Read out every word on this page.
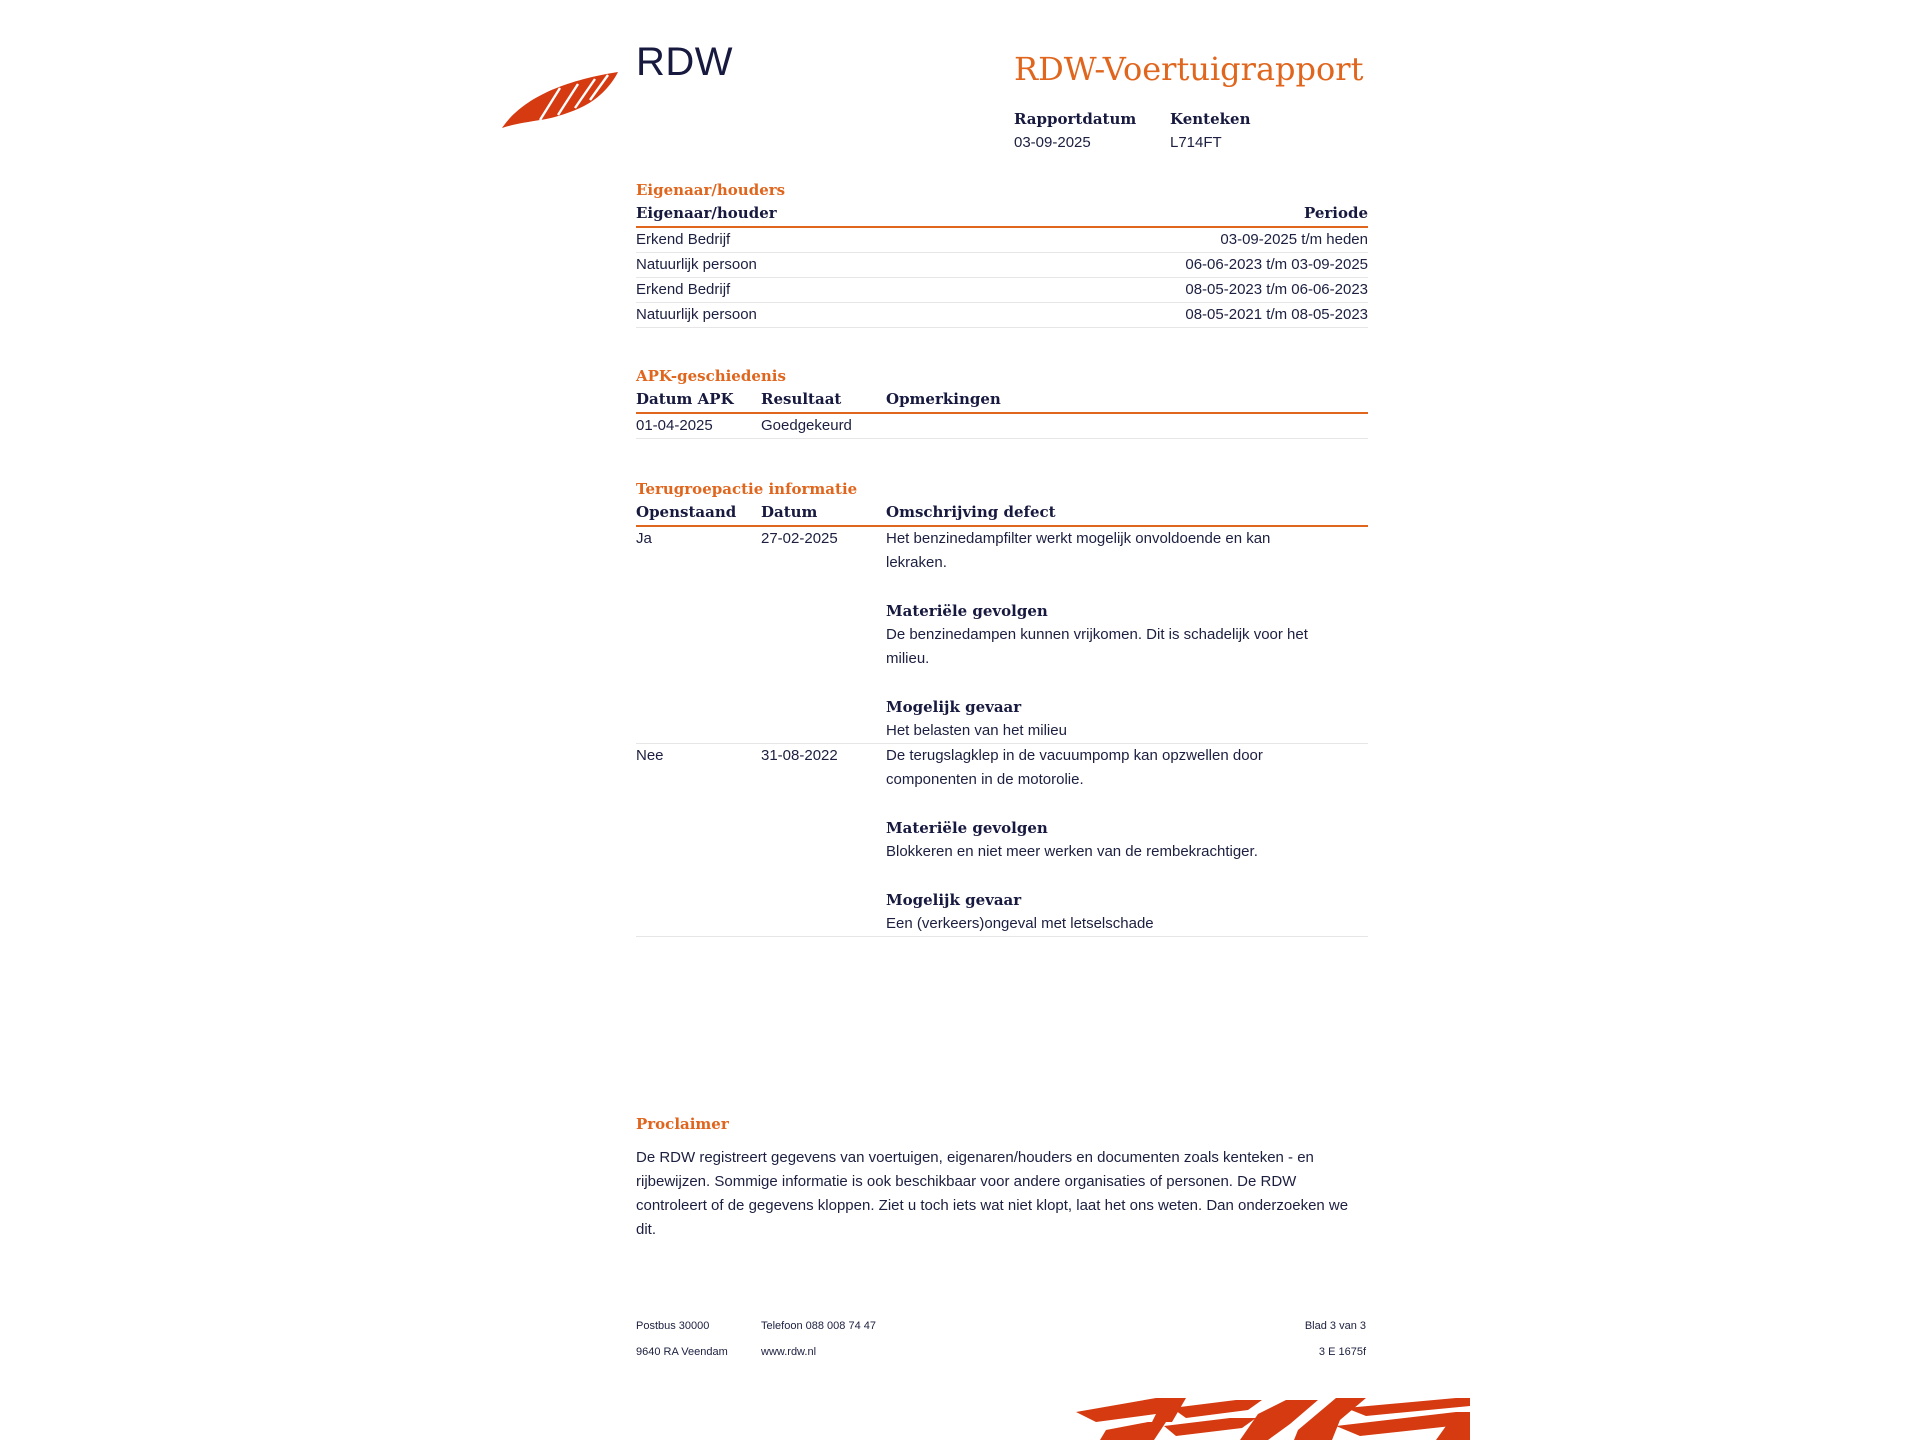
RDW	RDW-Voertuigrapport
Rapportdatum
03-09-2025
Kenteken
L714FT
Eigenaar/houders
Eigenaar/houder	Periode
Erkend Bedrijf	03-09-2025 t/m heden
Natuurlijk persoon	06-06-2023 t/m 03-09-2025
Erkend Bedrijf	08-05-2023 t/m 06-06-2023
Natuurlijk persoon	08-05-2021 t/m 08-05-2023
APK-geschiedenis
Datum APK	Resultaat	Opmerkingen
01-04-2025	Goedgekeurd
Terugroepactie informatie
Openstaand	Datum	Omschrijving defect
Ja	27-02-2025	Het benzinedampfilter werkt mogelijk onvoldoende en kan lekraken.
Materiële gevolgen
De benzinedampen kunnen vrijkomen. Dit is schadelijk voor het milieu.
Mogelijk gevaar
Het belasten van het milieu
Nee	31-08-2022	De terugslagklep in de vacuumpomp kan opzwellen door componenten in de motorolie.
Materiële gevolgen
Blokkeren en niet meer werken van de rembekrachtiger.
Mogelijk gevaar
Een (verkeers)ongeval met letselschade
Proclaimer
De RDW registreert gegevens van voertuigen, eigenaren/houders en documenten zoals kenteken - en rijbewijzen. Sommige informatie is ook beschikbaar voor andere organisaties of personen. De RDW controleert of de gegevens kloppen. Ziet u toch iets wat niet klopt, laat het ons weten. Dan onderzoeken we dit.
Postbus 30000
9640 RA Veendam
Telefoon 088 008 74 47
www.rdw.nl
Blad 3 van 3
3 E 1675f
